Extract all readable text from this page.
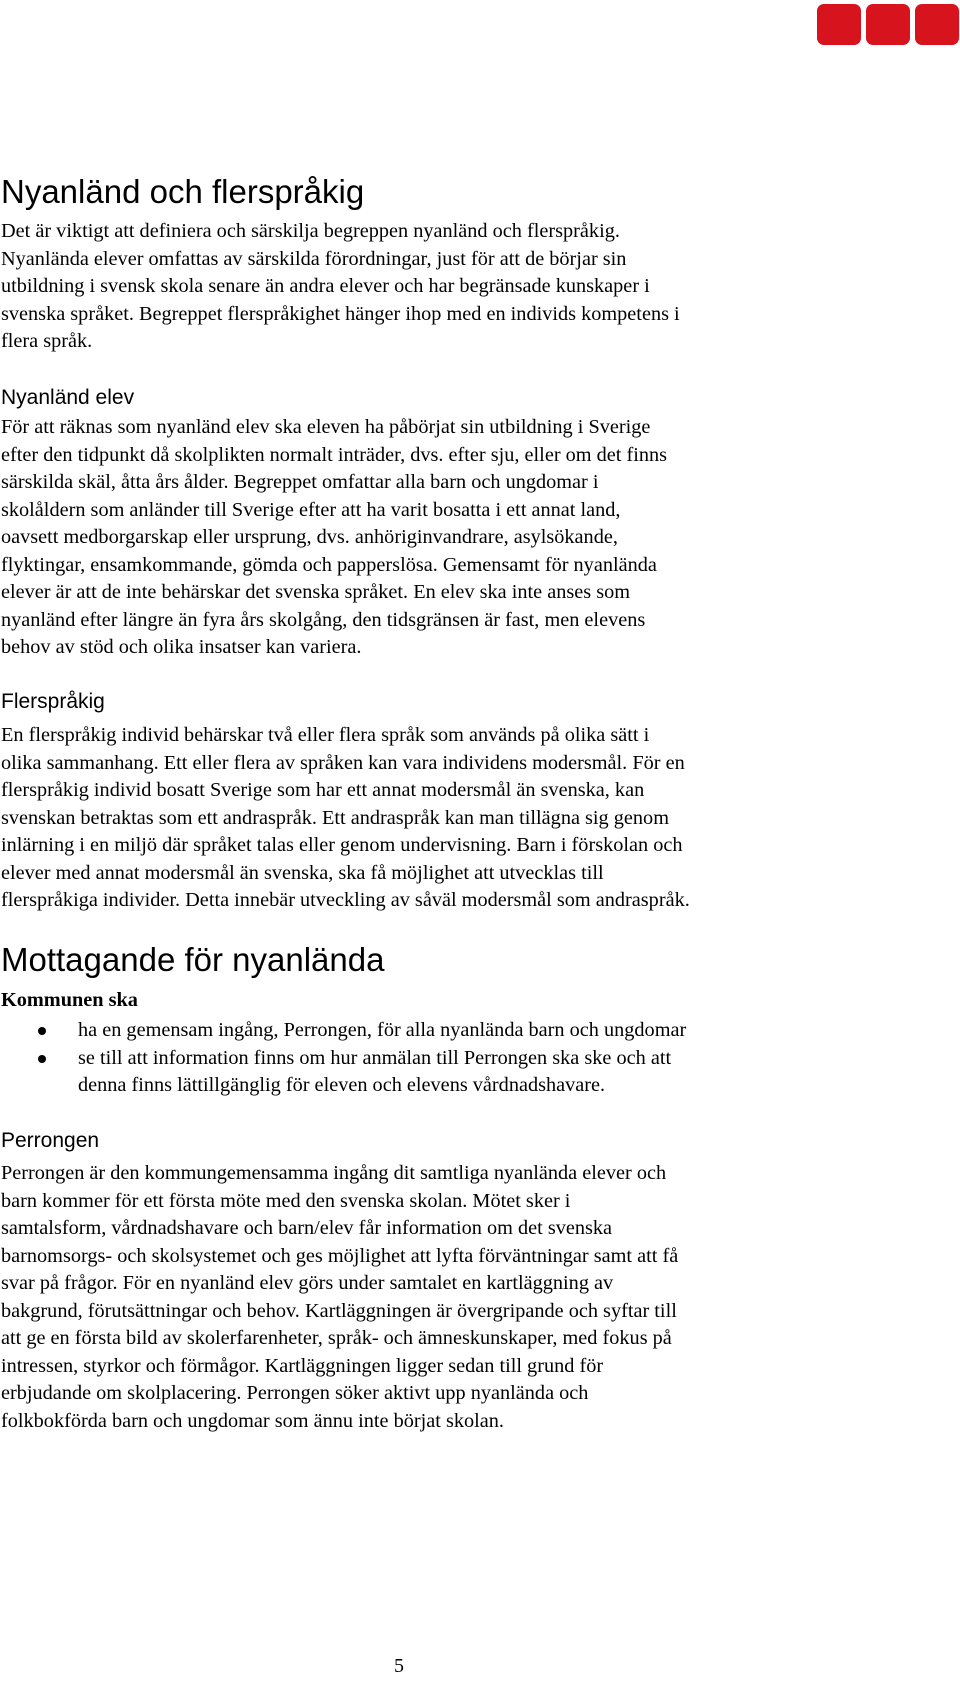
Nyanländ och flerspråkig
Det är viktigt att definiera och särskilja begreppen nyanländ och flerspråkig.
Nyanlända elever omfattas av särskilda förordningar, just för att de börjar sin
utbildning i svensk skola senare än andra elever och har begränsade kunskaper i
svenska språket. Begreppet flerspråkighet hänger ihop med en individs kompetens i
flera språk.
Nyanländ elev
För att räknas som nyanländ elev ska eleven ha påbörjat sin utbildning i Sverige
efter den tidpunkt då skolplikten normalt inträder, dvs. efter sju, eller om det finns
särskilda skäl, åtta års ålder. Begreppet omfattar alla barn och ungdomar i
skolåldern som anländer till Sverige efter att ha varit bosatta i ett annat land,
oavsett medborgarskap eller ursprung, dvs. anhöriginvandrare, asylsökande,
flyktingar, ensamkommande, gömda och papperslösa. Gemensamt för nyanlända
elever är att de inte behärskar det svenska språket. En elev ska inte anses som
nyanländ efter längre än fyra års skolgång, den tidsgränsen är fast, men elevens
behov av stöd och olika insatser kan variera.
Flerspråkig
En flerspråkig individ behärskar två eller flera språk som används på olika sätt i
olika sammanhang. Ett eller flera av språken kan vara individens modersmål. För en
flerspråkig individ bosatt Sverige som har ett annat modersmål än svenska, kan
svenskan betraktas som ett andraspråk. Ett andraspråk kan man tillägna sig genom
inlärning i en miljö där språket talas eller genom undervisning. Barn i förskolan och
elever med annat modersmål än svenska, ska få möjlighet att utvecklas till
flerspråkiga individer. Detta innebär utveckling av såväl modersmål som andraspråk.
Mottagande för nyanlända
Kommunen ska
ha en gemensam ingång, Perrongen, för alla nyanlända barn och ungdomar
se till att information finns om hur anmälan till Perrongen ska ske och att
denna finns lättillgänglig för eleven och elevens vårdnadshavare.
Perrongen
Perrongen är den kommungemensamma ingång dit samtliga nyanlända elever och
barn kommer för ett första möte med den svenska skolan. Mötet sker i
samtalsform, vårdnadshavare och barn/elev får information om det svenska
barnomsorgs- och skolsystemet och ges möjlighet att lyfta förväntningar samt att få
svar på frågor. För en nyanländ elev görs under samtalet en kartläggning av
bakgrund, förutsättningar och behov. Kartläggningen är övergripande och syftar till
att ge en första bild av skolerfarenheter, språk- och ämneskunskaper, med fokus på
intressen, styrkor och förmågor. Kartläggningen ligger sedan till grund för
erbjudande om skolplacering. Perrongen söker aktivt upp nyanlända och
folkbokförda barn och ungdomar som ännu inte börjat skolan.
5
